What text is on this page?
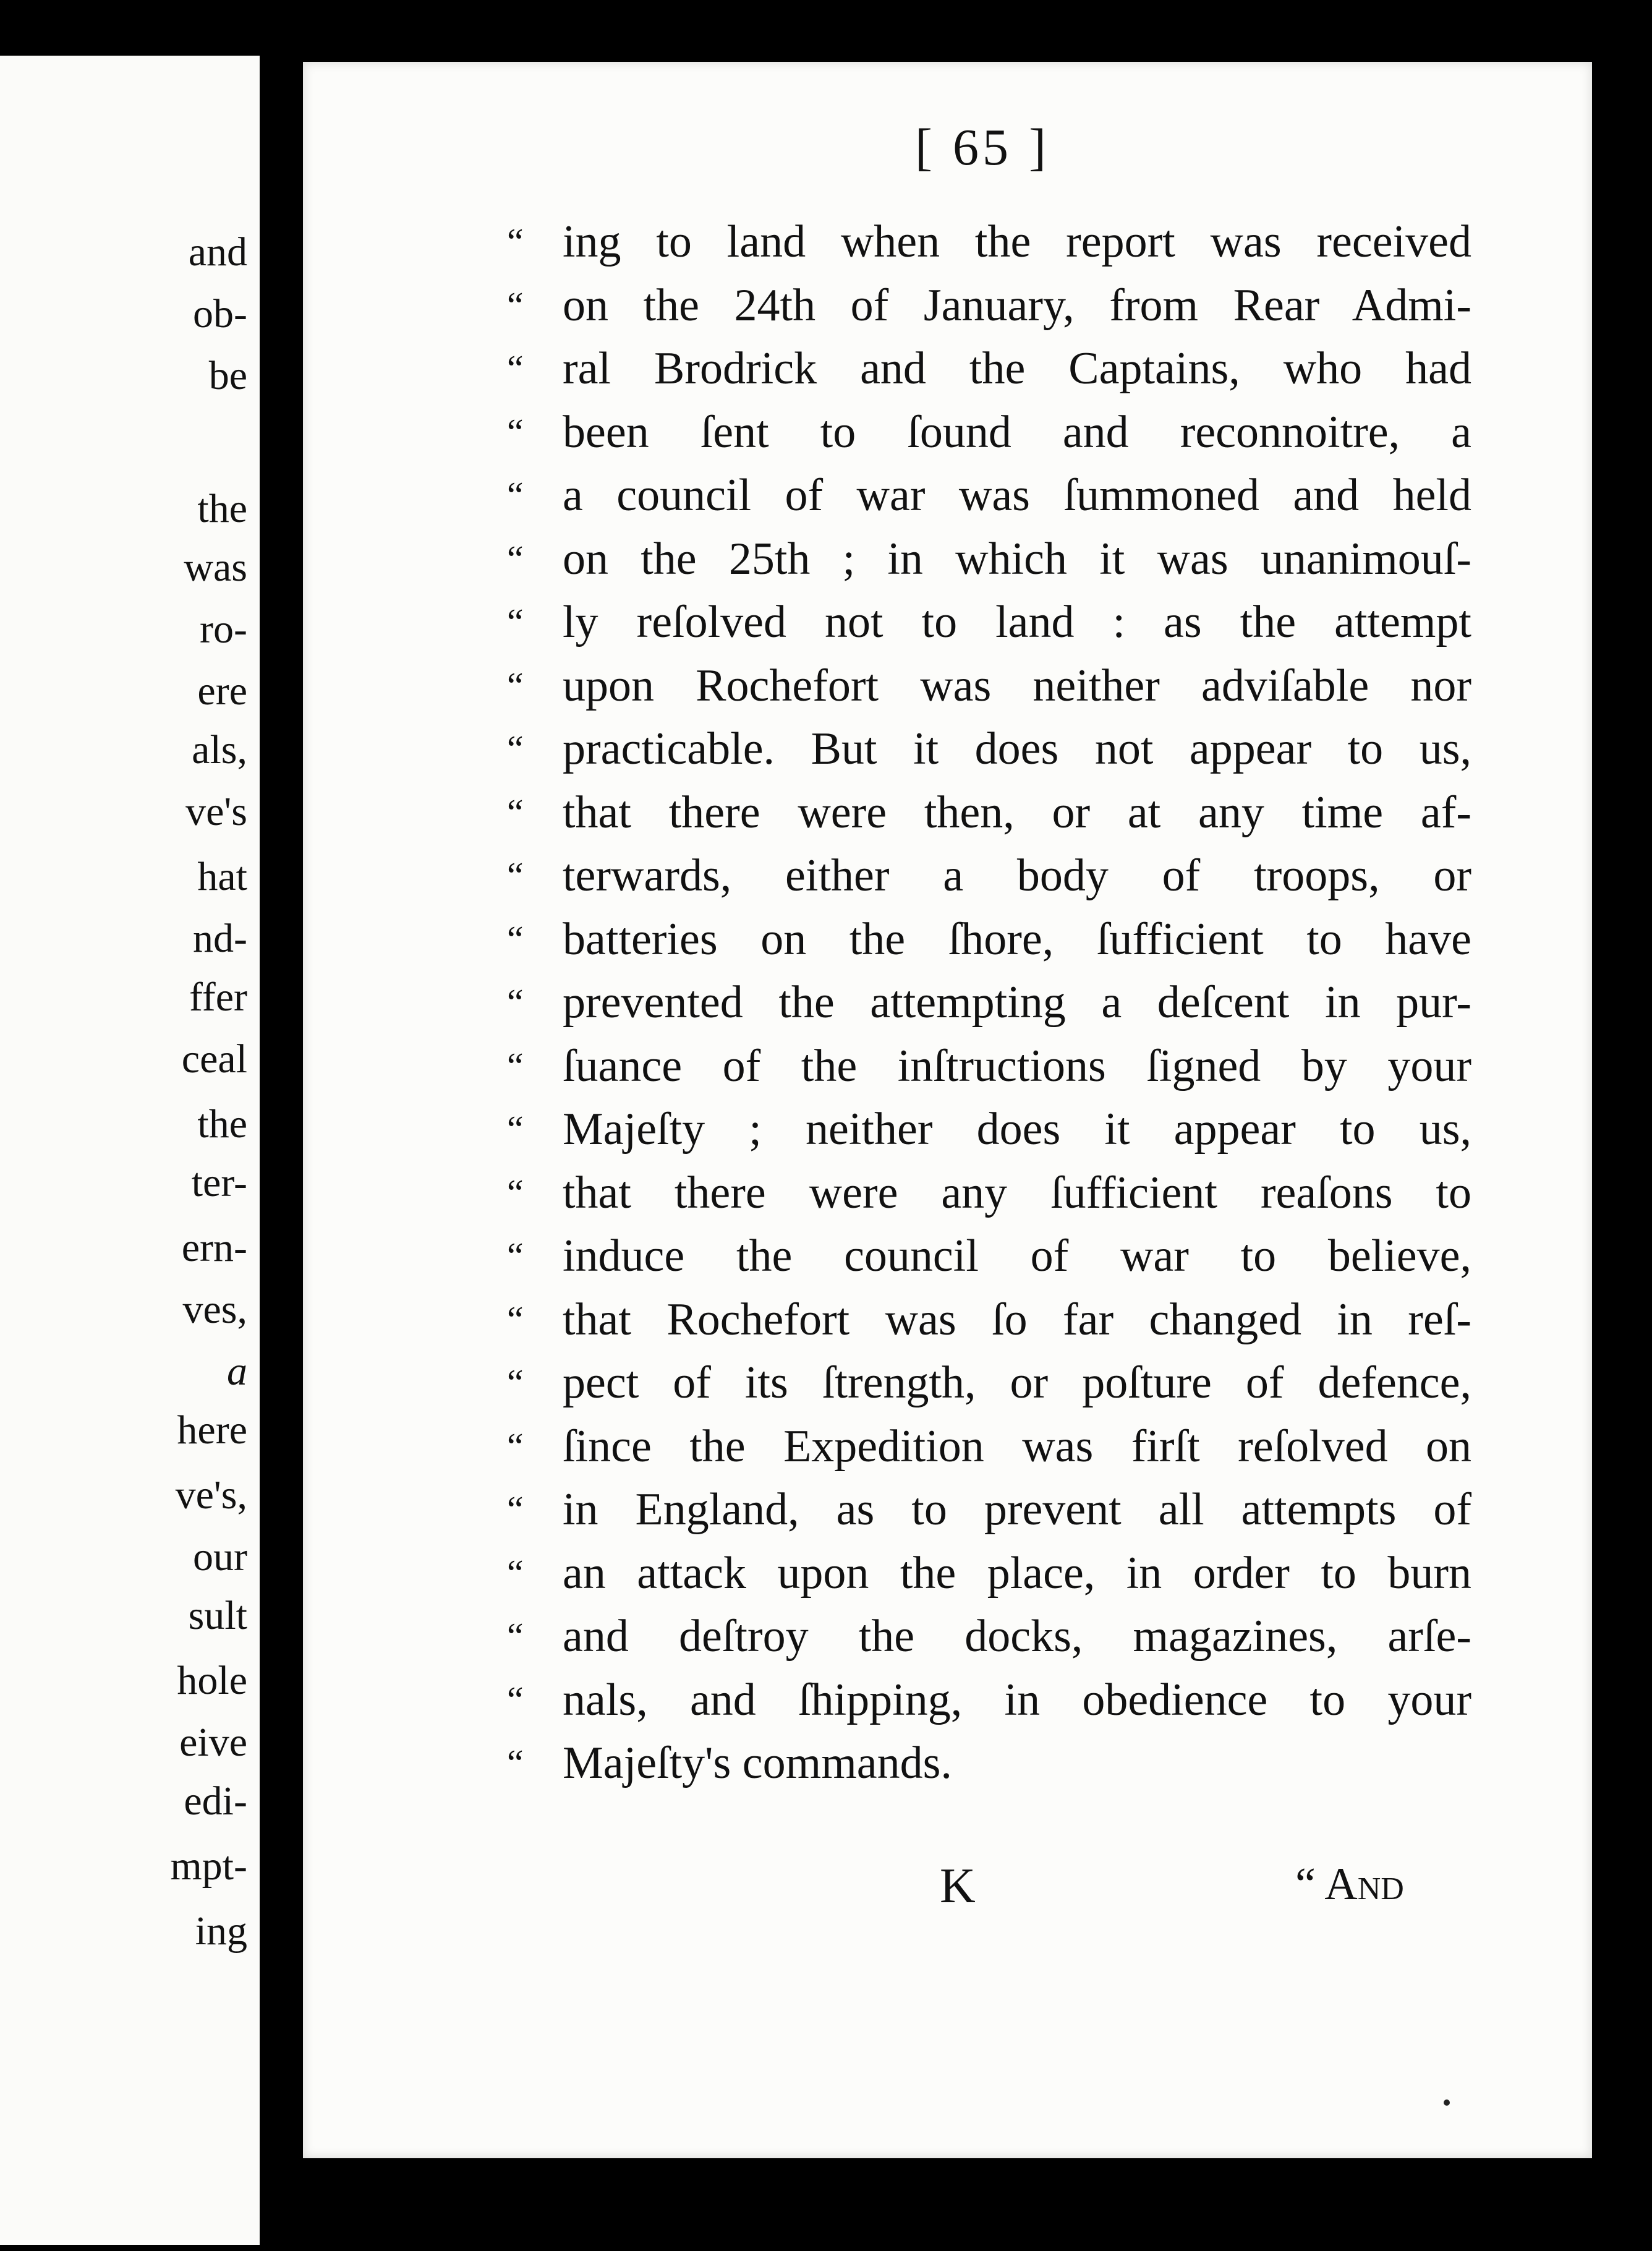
and
ob-
be
the
was
ro-
ere
als,
ve's
hat
nd-
ffer
ceal
the
ter-
ern-
ves,
a
here
ve's,
our
sult
hole
eive
edi-
mpt-
ing
[ 65 ]
“ ing to land when the report was received
“ on the 24th of January, from Rear Admi-
“ ral Brodrick and the Captains, who had
“ been ſent to ſound and reconnoitre, a
“ a council of war was ſummoned and held
“ on the 25th ; in which it was unanimouſ-
“ ly reſolved not to land : as the attempt
“ upon Rochefort was neither adviſable nor
“ practicable. But it does not appear to us,
“ that there were then, or at any time af-
“ terwards, either a body of troops, or
“ batteries on the ſhore, ſufficient to have
“ prevented the attempting a deſcent in pur-
“ ſuance of the inſtructions ſigned by your
“ Majeſty ; neither does it appear to us,
“ that there were any ſufficient reaſons to
“ induce the council of war to believe,
“ that Rochefort was ſo far changed in reſ-
“ pect of its ſtrength, or poſture of defence,
“ ſince the Expedition was firſt reſolved on
“ in England, as to prevent all attempts of
“ an attack upon the place, in order to burn
“ and deſtroy the docks, magazines, arſe-
“ nals, and ſhipping, in obedience to your
“ Majeſty's commands.
K	“ And
